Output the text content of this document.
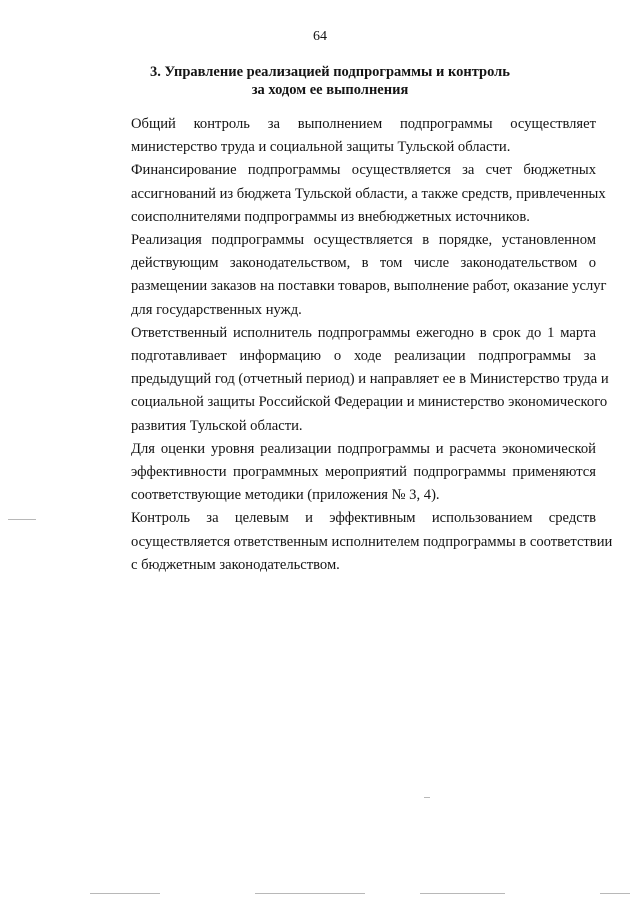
64
3. Управление реализацией подпрограммы и контроль
за ходом ее выполнения

Общий контроль за выполнением подпрограммы осуществляет
министерство труда и социальной защиты Тульской области.

Финансирование подпрограммы осуществляется за счет бюджетных
ассигнований из бюджета Тульской области, а также средств, привлеченных
соисполнителями подпрограммы из внебюджетных источников.

Реализация подпрограммы осуществляется в порядке, установленном
действующим законодательством, в том числе законодательством о
размещении заказов на поставки товаров, выполнение работ, оказание услуг
для государственных нужд.

Ответственный исполнитель подпрограммы ежегодно в срок до 1 марта
подготавливает информацию о ходе реализации подпрограммы за
предыдущий год (отчетный период) и направляет ее в Министерство труда и
социальной защиты Российской Федерации и министерство экономического
развития Тульской области.

Для оценки уровня реализации подпрограммы и расчета экономической
эффективности программных мероприятий подпрограммы применяются
соответствующие методики (приложения № 3, 4).

Контроль за целевым и эффективным использованием средств
осуществляется ответственным исполнителем подпрограммы в соответствии
с бюджетным законодательством.
